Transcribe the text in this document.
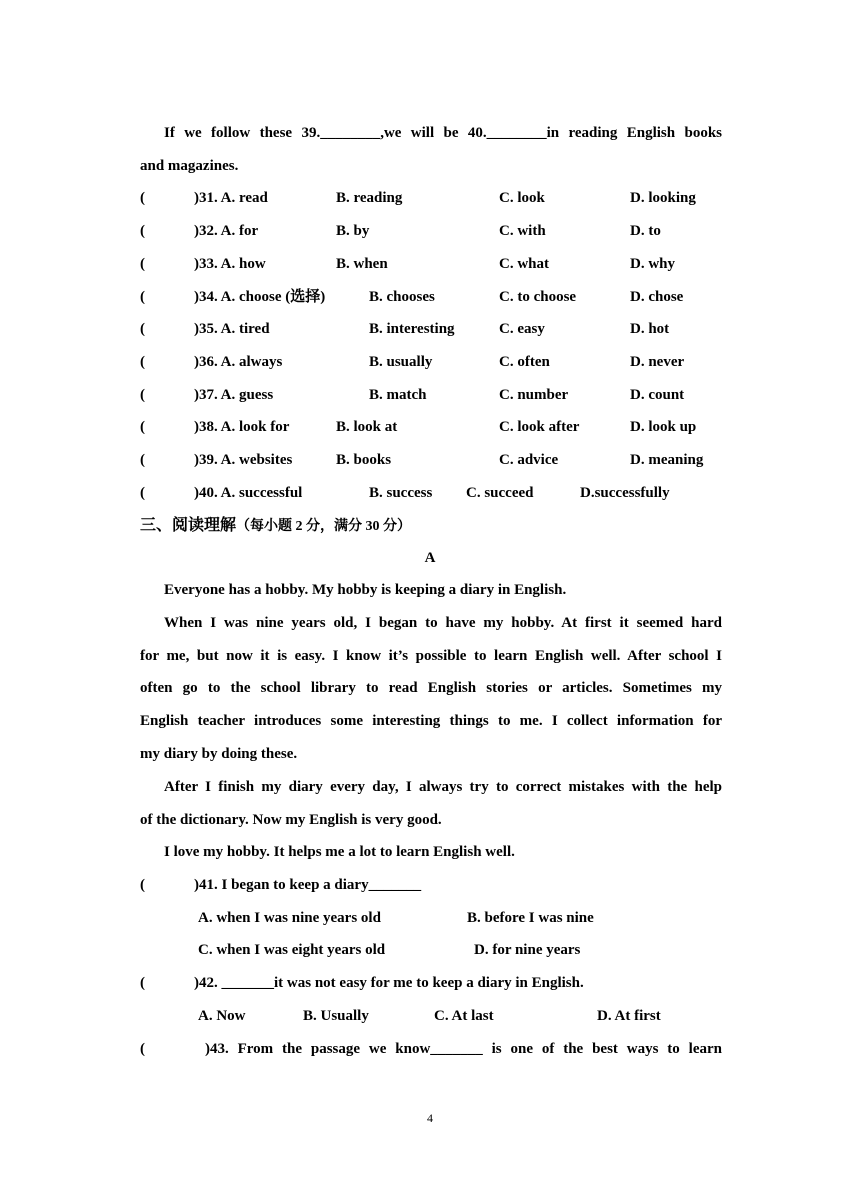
If we follow these 39.________,we will be 40.________in reading English books
and magazines.
(	)31. A. read	B. reading	C. look	D. looking
(	)32. A. for	B. by	C. with	D. to
(	)33. A. how	B. when	C. what	D. why
(	)34. A. choose (选择)	B. chooses	C. to choose	D. chose
(	)35. A. tired	B. interesting	C. easy	D. hot
(	)36. A. always	B. usually	C. often	D. never
(	)37. A. guess	B. match	C. number	D. count
(	)38. A. look for	B. look at	C. look after	D. look up
(	)39. A. websites	B. books	C. advice	D. meaning
(	)40. A. successful	B. success C. succeed	D.successfully
三、阅读理解（每小题 2 分，满分 30 分）
A
Everyone has a hobby. My hobby is keeping a diary in English.
When I was nine years old, I began to have my hobby. At first it seemed hard
for me, but now it is easy. I know it’s possible to learn English well. After school I
often go to the school library to read English stories or articles. Sometimes my
English teacher introduces some interesting things to me. I collect information for
my diary by doing these.
After I finish my diary every day, I always try to correct mistakes with the help
of the dictionary. Now my English is very good.
I love my hobby. It helps me a lot to learn English well.
(	)41. I began to keep a diary_______
A. when I was nine years old	B. before I was nine
C. when I was eight years old	D. for nine years
(	)42. _______it was not easy for me to keep a diary in English.
A. Now	B. Usually	C. At last	D. At first
(	)43. From the passage we know_______ is one of the best ways to learn
4
